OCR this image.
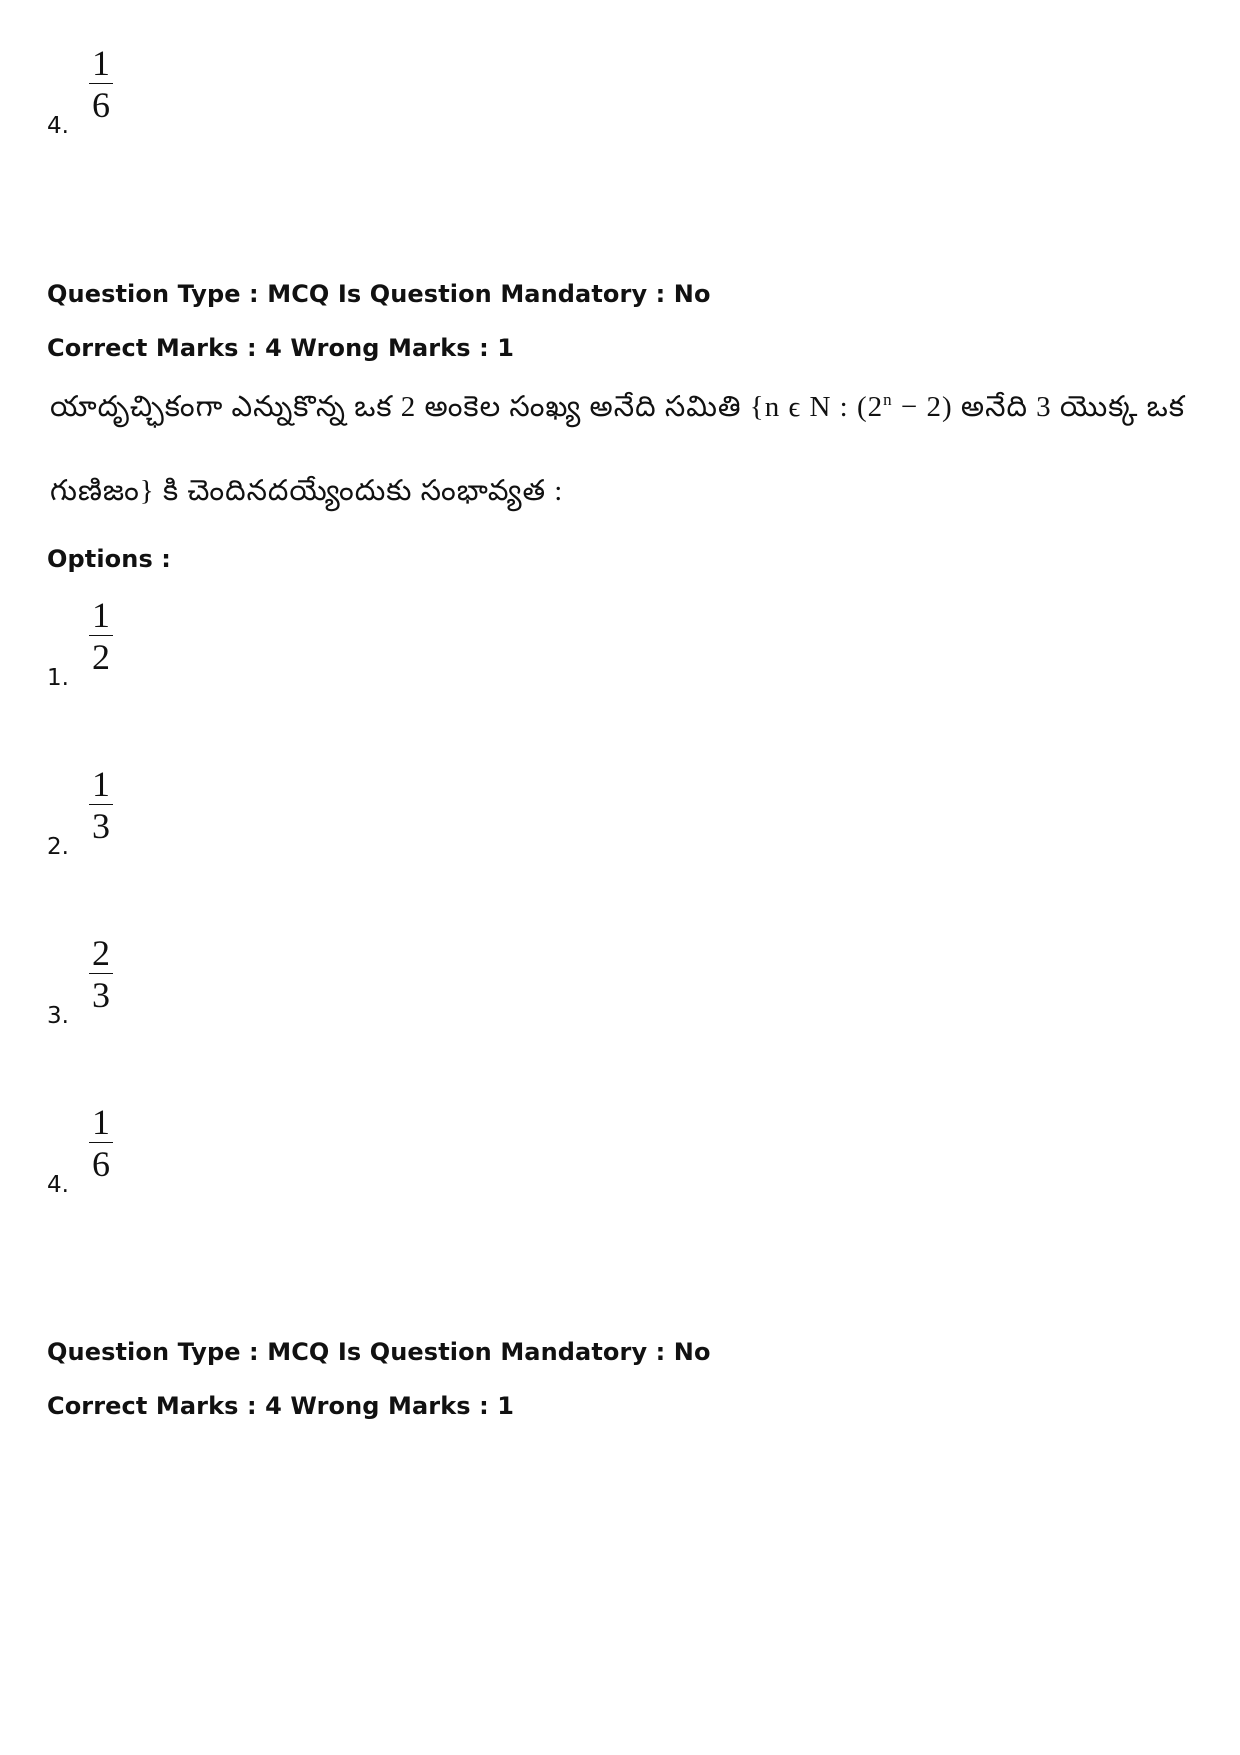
4.
1
6
Question Type : MCQ Is Question Mandatory : No
Correct Marks : 4 Wrong Marks : 1
యాదృచ్ఛికంగా ఎన్నుకొన్న ఒక 2 అంకెల సంఖ్య అనేది సమితి {n ϵ N : $(2^n - 2)$ అనేది 3 యొక్క ఒక
గుణిజం} కి చెందినదయ్యేందుకు సంభావ్యత :
Options :
1.
1
2
2.
1
3
3.
2
3
4.
1
6
Question Type : MCQ Is Question Mandatory : No
Correct Marks : 4 Wrong Marks : 1
